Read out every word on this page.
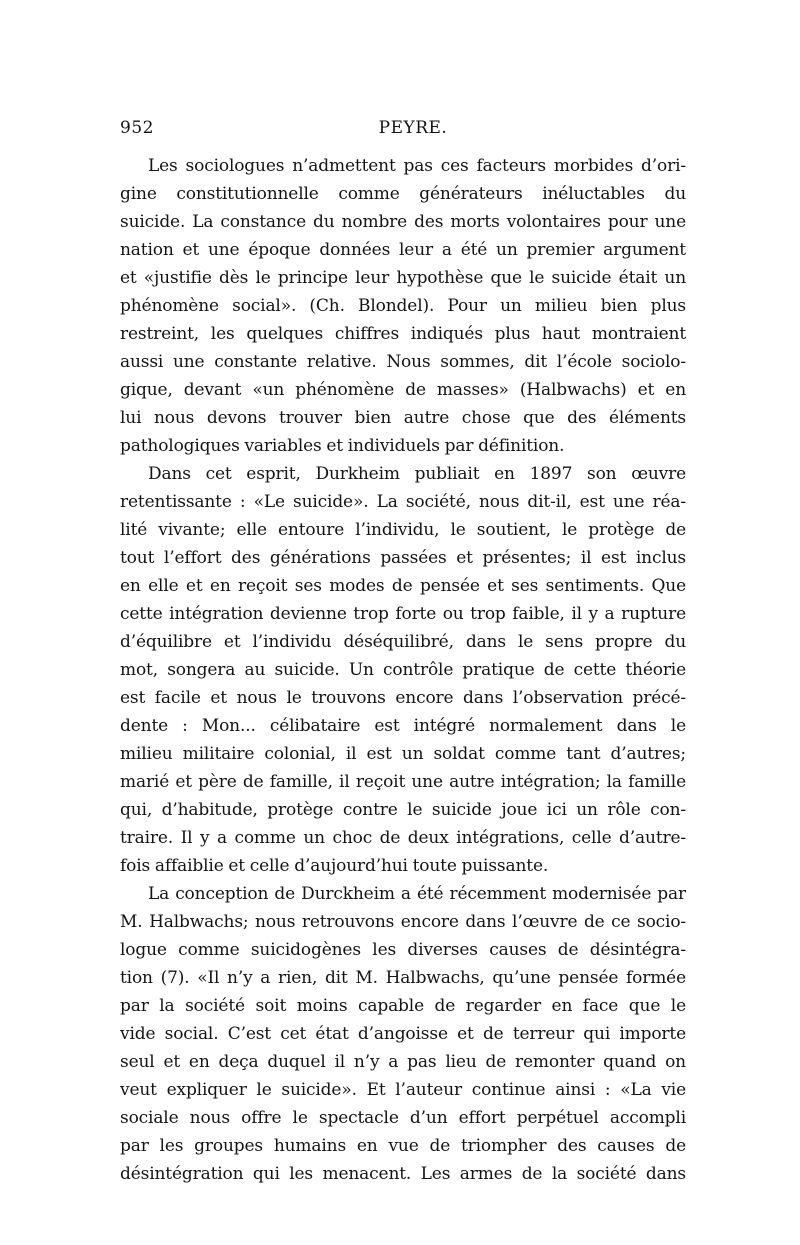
952	PEYRE.
Les sociologues n’admettent pas ces facteurs morbides d’ori-
gine constitutionnelle comme générateurs inéluctables du
suicide. La constance du nombre des morts volontaires pour une
nation et une époque données leur a été un premier argument
et «justifie dès le principe leur hypothèse que le suicide était un
phénomène social». (Ch. Blondel). Pour un milieu bien plus
restreint, les quelques chiffres indiqués plus haut montraient
aussi une constante relative. Nous sommes, dit l’école sociolo-
gique, devant «un phénomène de masses» (Halbwachs) et en
lui nous devons trouver bien autre chose que des éléments
pathologiques variables et individuels par définition.
Dans cet esprit, Durkheim publiait en 1897 son œuvre
retentissante : «Le suicide». La société, nous dit-il, est une réa-
lité vivante; elle entoure l’individu, le soutient, le protège de
tout l’effort des générations passées et présentes; il est inclus
en elle et en reçoit ses modes de pensée et ses sentiments. Que
cette intégration devienne trop forte ou trop faible, il y a rupture
d’équilibre et l’individu déséquilibré, dans le sens propre du
mot, songera au suicide. Un contrôle pratique de cette théorie
est facile et nous le trouvons encore dans l’observation précé-
dente : Mon... célibataire est intégré normalement dans le
milieu militaire colonial, il est un soldat comme tant d’autres;
marié et père de famille, il reçoit une autre intégration; la famille
qui, d’habitude, protège contre le suicide joue ici un rôle con-
traire. Il y a comme un choc de deux intégrations, celle d’autre-
fois affaiblie et celle d’aujourd’hui toute puissante.
La conception de Durckheim a été récemment modernisée par
M. Halbwachs; nous retrouvons encore dans l’œuvre de ce socio-
logue comme suicidogènes les diverses causes de désintégra-
tion (7). «Il n’y a rien, dit M. Halbwachs, qu’une pensée formée
par la société soit moins capable de regarder en face que le
vide social. C’est cet état d’angoisse et de terreur qui importe
seul et en deça duquel il n’y a pas lieu de remonter quand on
veut expliquer le suicide». Et l’auteur continue ainsi : «La vie
sociale nous offre le spectacle d’un effort perpétuel accompli
par les groupes humains en vue de triompher des causes de
désintégration qui les menacent. Les armes de la société dans
